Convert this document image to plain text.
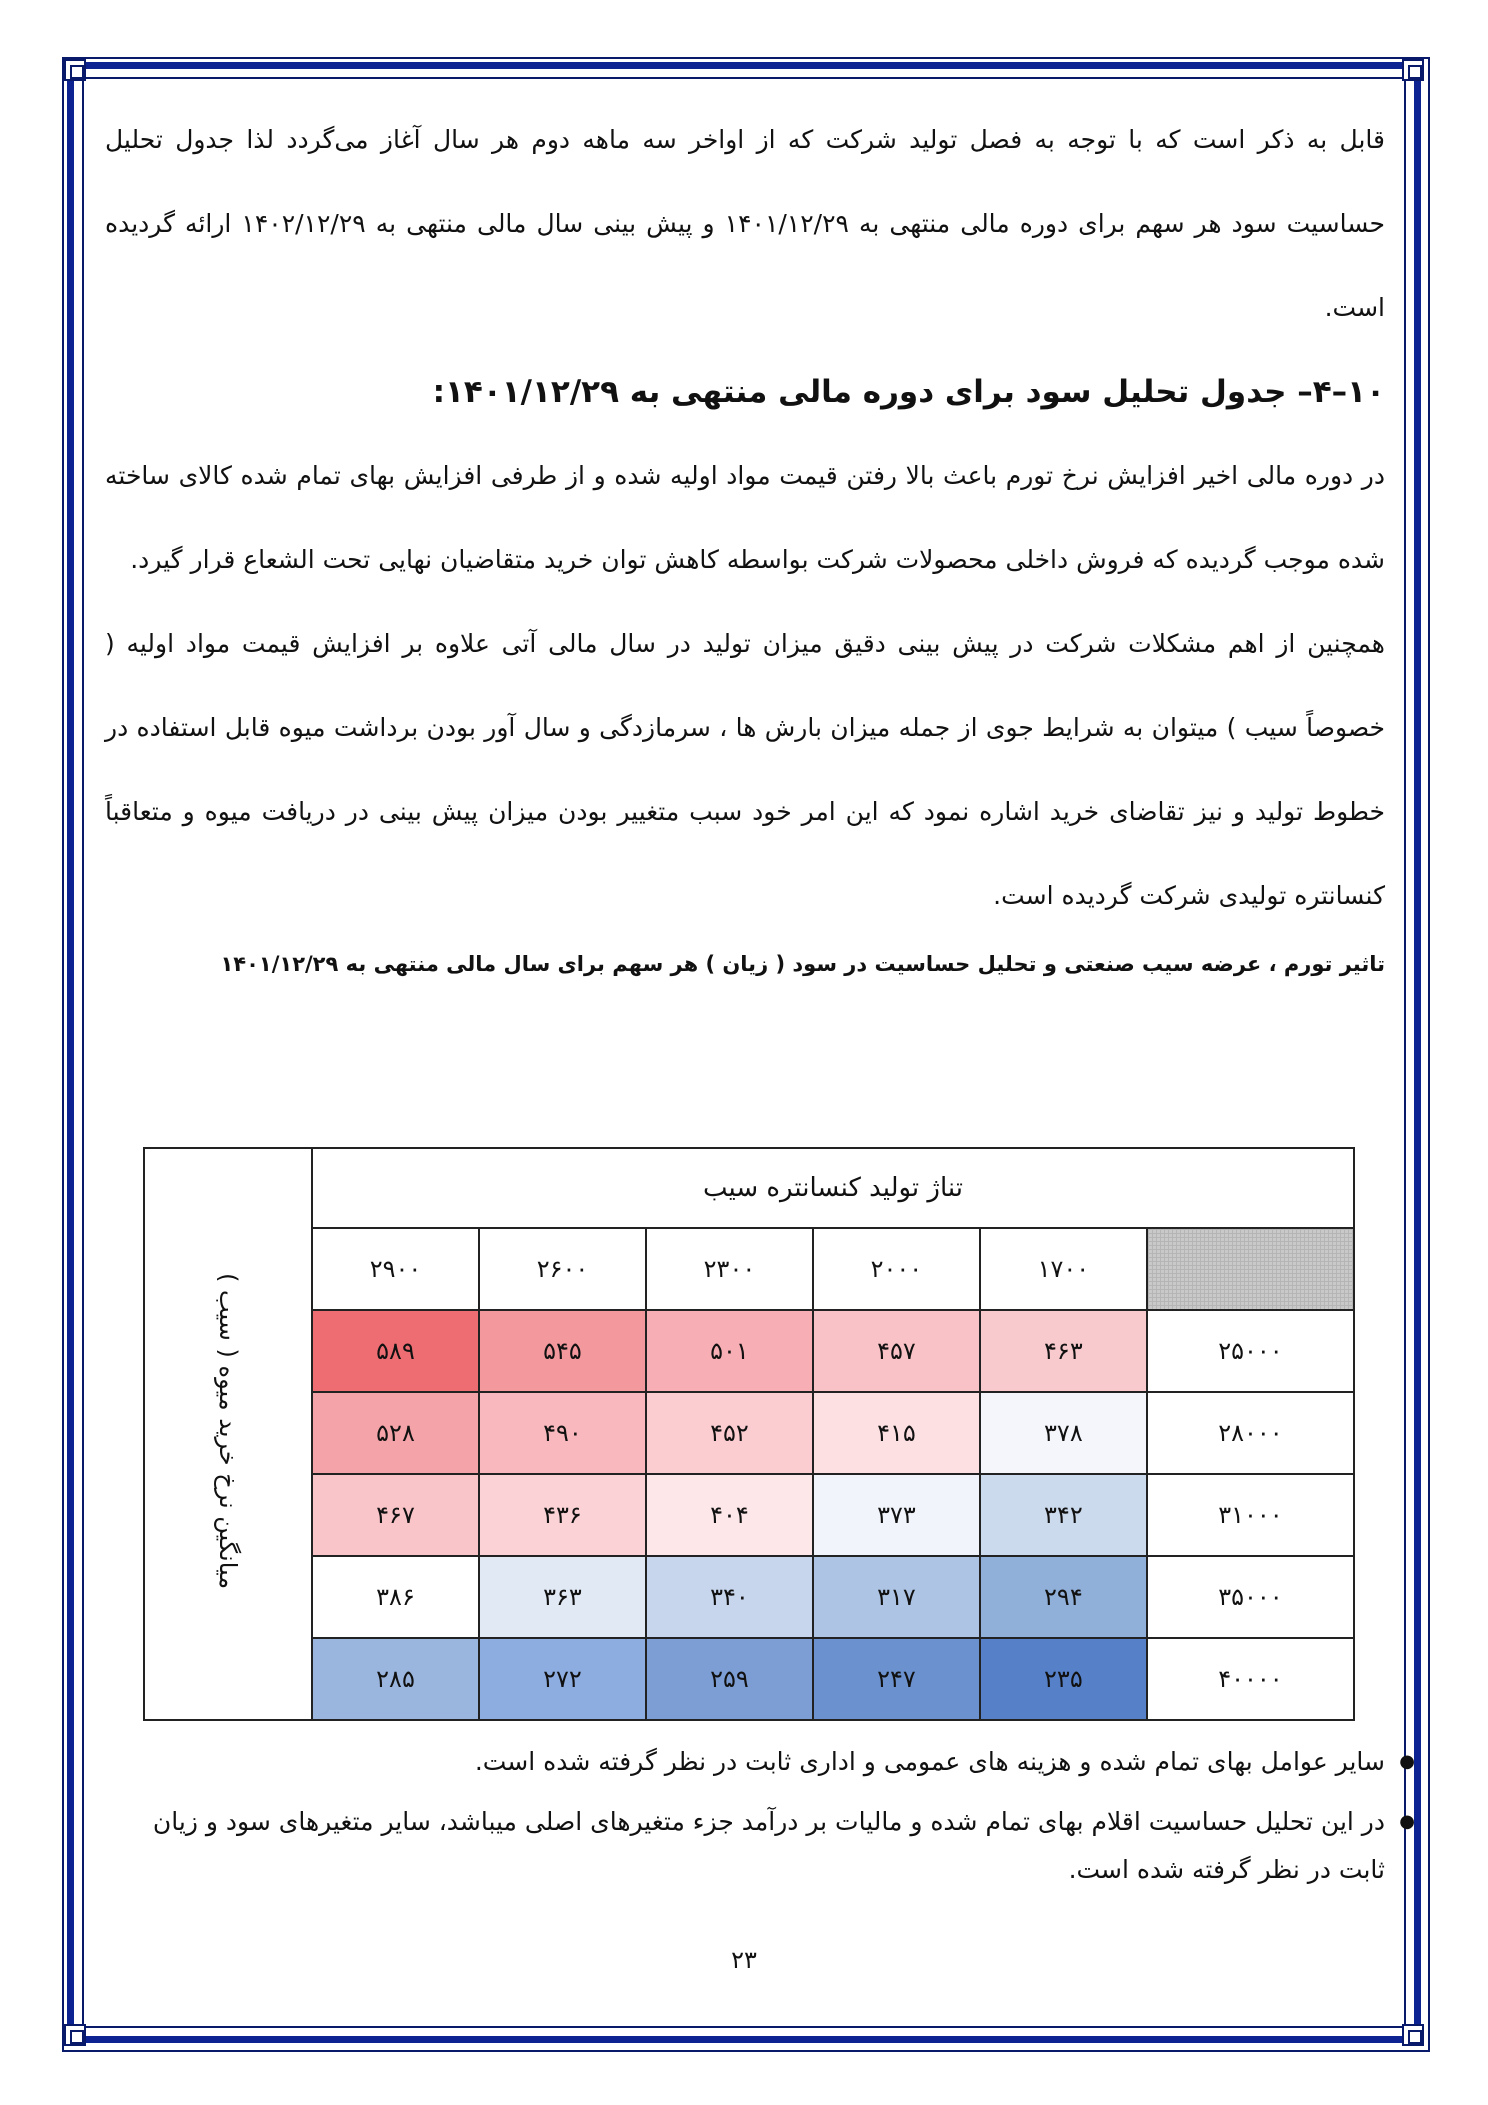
قابل به ذکر است که با توجه به فصل تولید شرکت که از اواخر سه ماهه دوم هر سال آغاز می‌گردد لذا جدول تحلیل حساسیت سود هر سهم برای دوره مالی منتهی به ۱۴۰۱/۱۲/۲۹ و پیش بینی سال مالی منتهی به ۱۴۰۲/۱۲/۲۹ ارائه گردیده است.

۱۰–۴– جدول تحلیل سود برای دوره مالی منتهی به ۱۴۰۱/۱۲/۲۹:

در دوره مالی اخیر افزایش نرخ تورم باعث بالا رفتن قیمت مواد اولیه شده و از طرفی افزایش بهای تمام شده کالای ساخته شده موجب گردیده که فروش داخلی محصولات شرکت بواسطه کاهش توان خرید متقاضیان نهایی تحت الشعاع قرار گیرد.

همچنین از اهم مشکلات شرکت در پیش بینی دقیق میزان تولید در سال مالی آتی علاوه بر افزایش قیمت مواد اولیه ( خصوصاً سیب ) میتوان به شرایط جوی از جمله میزان بارش ها ، سرمازدگی و سال آور بودن برداشت میوه قابل استفاده در خطوط تولید و نیز تقاضای خرید اشاره نمود که این امر خود سبب متغییر بودن میزان پیش بینی در دریافت میوه و متعاقباً کنسانتره تولیدی شرکت گردیده است.

تاثیر تورم ، عرضه سیب صنعتی و تحلیل حساسیت در سود ( زیان ) هر سهم برای سال مالی منتهی به ۱۴۰۱/۱۲/۲۹

تناژ تولید کنسانتره سیب						میانگین نرخ خرید میوه ( سیب )
	۱۷۰۰	۲۰۰۰	۲۳۰۰	۲۶۰۰	۲۹۰۰	
۲۵۰۰۰	۴۶۳	۴۵۷	۵۰۱	۵۴۵	۵۸۹	
۲۸۰۰۰	۳۷۸	۴۱۵	۴۵۲	۴۹۰	۵۲۸	
۳۱۰۰۰	۳۴۲	۳۷۳	۴۰۴	۴۳۶	۴۶۷	
۳۵۰۰۰	۲۹۴	۳۱۷	۳۴۰	۳۶۳	۳۸۶	
۴۰۰۰۰	۲۳۵	۲۴۷	۲۵۹	۲۷۲	۲۸۵	
● سایر عوامل بهای تمام شده و هزینه های عمومی و اداری ثابت در نظر گرفته شده است.
● در این تحلیل حساسیت اقلام بهای تمام شده و مالیات بر درآمد جزء متغیرهای اصلی میباشد، سایر متغیرهای سود و زیان ثابت در نظر گرفته شده است.
۲۳
